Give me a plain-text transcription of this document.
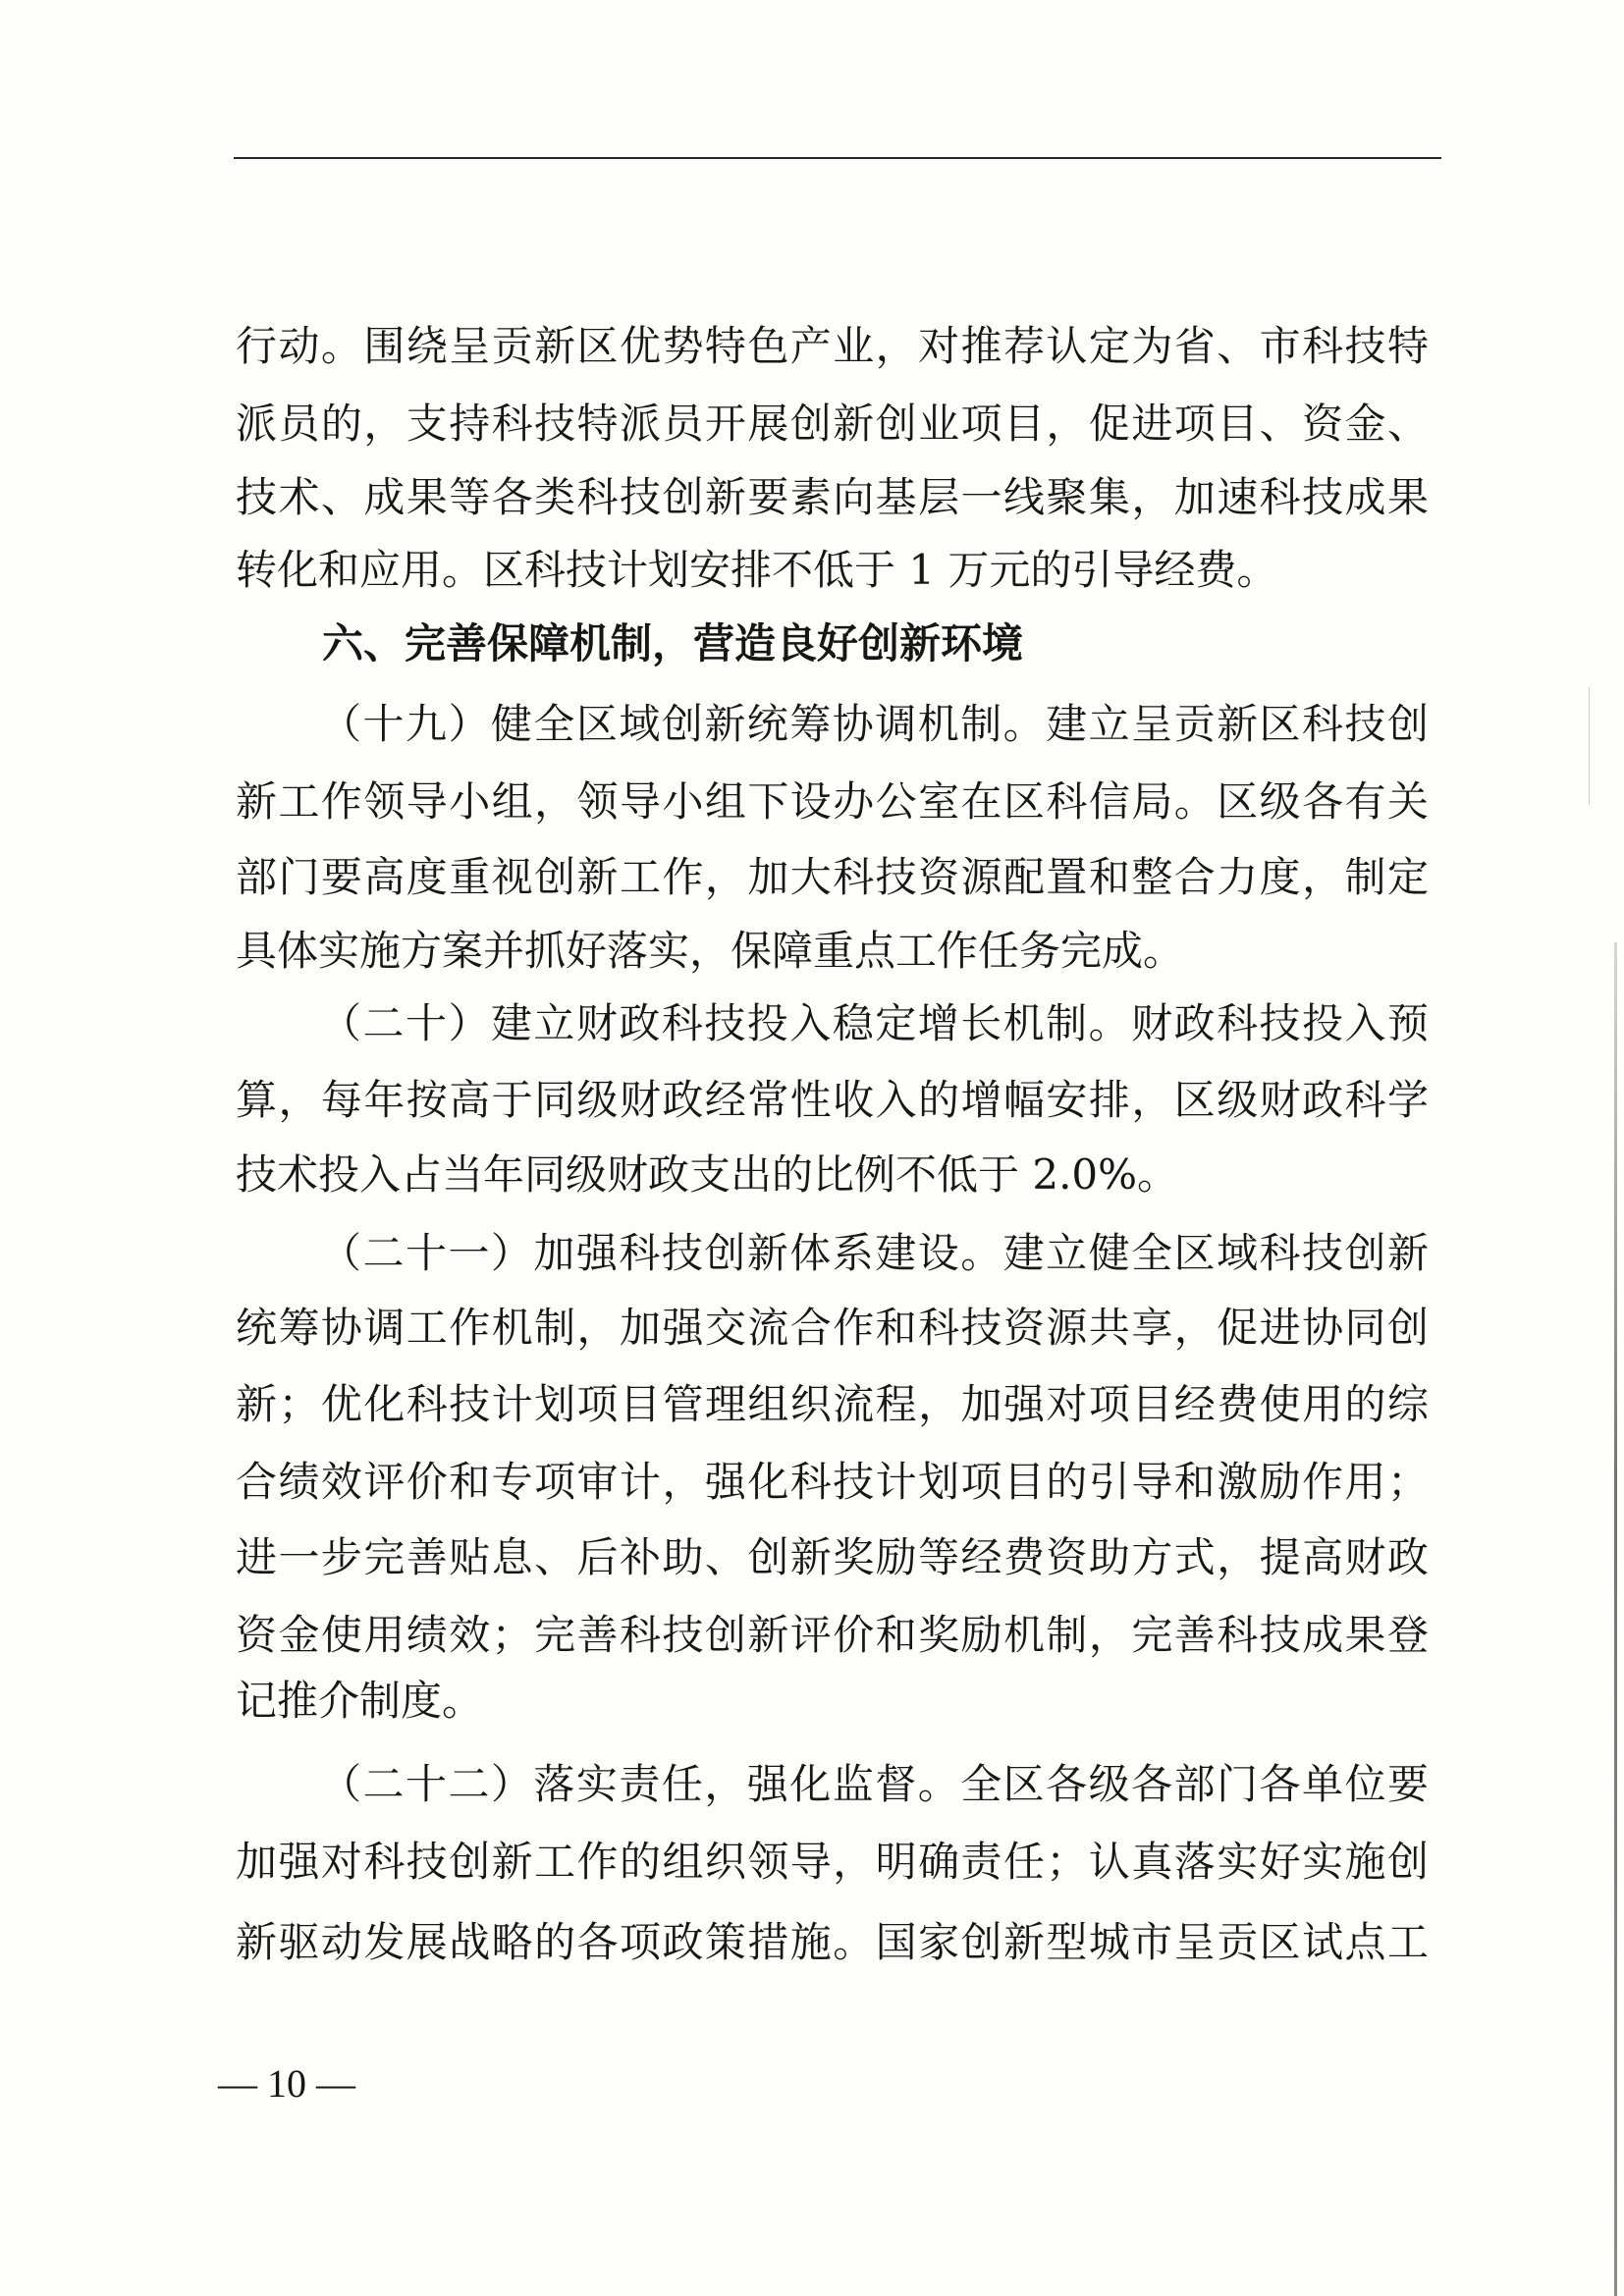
行动。围绕呈贡新区优势特色产业，对推荐认定为省、市科技特
派员的，支持科技特派员开展创新创业项目，促进项目、资金、
技术、成果等各类科技创新要素向基层一线聚集，加速科技成果
转化和应用。区科技计划安排不低于 1 万元的引导经费。
六、完善保障机制，营造良好创新环境
（十九）健全区域创新统筹协调机制。建立呈贡新区科技创
新工作领导小组，领导小组下设办公室在区科信局。区级各有关
部门要高度重视创新工作，加大科技资源配置和整合力度，制定
具体实施方案并抓好落实，保障重点工作任务完成。
（二十）建立财政科技投入稳定增长机制。财政科技投入预
算，每年按高于同级财政经常性收入的增幅安排，区级财政科学
技术投入占当年同级财政支出的比例不低于 2.0%。
（二十一）加强科技创新体系建设。建立健全区域科技创新
统筹协调工作机制，加强交流合作和科技资源共享，促进协同创
新；优化科技计划项目管理组织流程，加强对项目经费使用的综
合绩效评价和专项审计，强化科技计划项目的引导和激励作用；
进一步完善贴息、后补助、创新奖励等经费资助方式，提高财政
资金使用绩效；完善科技创新评价和奖励机制，完善科技成果登
记推介制度。
（二十二）落实责任，强化监督。全区各级各部门各单位要
加强对科技创新工作的组织领导，明确责任；认真落实好实施创
新驱动发展战略的各项政策措施。国家创新型城市呈贡区试点工
— 10 —
